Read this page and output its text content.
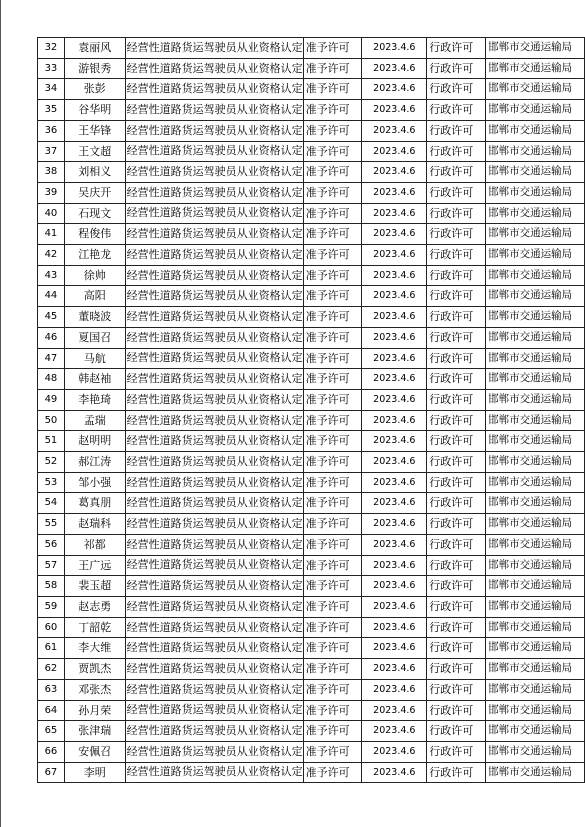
32	袁丽风	经营性道路货运驾驶员从业资格认定	准予许可	2023.4.6	行政许可	邯郸市交通运输局
33	游银秀	经营性道路货运驾驶员从业资格认定	准予许可	2023.4.6	行政许可	邯郸市交通运输局
34	张彭	经营性道路货运驾驶员从业资格认定	准予许可	2023.4.6	行政许可	邯郸市交通运输局
35	谷华明	经营性道路货运驾驶员从业资格认定	准予许可	2023.4.6	行政许可	邯郸市交通运输局
36	王华锋	经营性道路货运驾驶员从业资格认定	准予许可	2023.4.6	行政许可	邯郸市交通运输局
37	王文超	经营性道路货运驾驶员从业资格认定	准予许可	2023.4.6	行政许可	邯郸市交通运输局
38	刘相义	经营性道路货运驾驶员从业资格认定	准予许可	2023.4.6	行政许可	邯郸市交通运输局
39	吴庆开	经营性道路货运驾驶员从业资格认定	准予许可	2023.4.6	行政许可	邯郸市交通运输局
40	石现文	经营性道路货运驾驶员从业资格认定	准予许可	2023.4.6	行政许可	邯郸市交通运输局
41	程俊伟	经营性道路货运驾驶员从业资格认定	准予许可	2023.4.6	行政许可	邯郸市交通运输局
42	江艳龙	经营性道路货运驾驶员从业资格认定	准予许可	2023.4.6	行政许可	邯郸市交通运输局
43	徐帅	经营性道路货运驾驶员从业资格认定	准予许可	2023.4.6	行政许可	邯郸市交通运输局
44	高阳	经营性道路货运驾驶员从业资格认定	准予许可	2023.4.6	行政许可	邯郸市交通运输局
45	董晓波	经营性道路货运驾驶员从业资格认定	准予许可	2023.4.6	行政许可	邯郸市交通运输局
46	夏国召	经营性道路货运驾驶员从业资格认定	准予许可	2023.4.6	行政许可	邯郸市交通运输局
47	马航	经营性道路货运驾驶员从业资格认定	准予许可	2023.4.6	行政许可	邯郸市交通运输局
48	韩赵袖	经营性道路货运驾驶员从业资格认定	准予许可	2023.4.6	行政许可	邯郸市交通运输局
49	李艳琦	经营性道路货运驾驶员从业资格认定	准予许可	2023.4.6	行政许可	邯郸市交通运输局
50	孟瑞	经营性道路货运驾驶员从业资格认定	准予许可	2023.4.6	行政许可	邯郸市交通运输局
51	赵明明	经营性道路货运驾驶员从业资格认定	准予许可	2023.4.6	行政许可	邯郸市交通运输局
52	郝江涛	经营性道路货运驾驶员从业资格认定	准予许可	2023.4.6	行政许可	邯郸市交通运输局
53	邹小强	经营性道路货运驾驶员从业资格认定	准予许可	2023.4.6	行政许可	邯郸市交通运输局
54	葛真朋	经营性道路货运驾驶员从业资格认定	准予许可	2023.4.6	行政许可	邯郸市交通运输局
55	赵瑞科	经营性道路货运驾驶员从业资格认定	准予许可	2023.4.6	行政许可	邯郸市交通运输局
56	祁都	经营性道路货运驾驶员从业资格认定	准予许可	2023.4.6	行政许可	邯郸市交通运输局
57	王广远	经营性道路货运驾驶员从业资格认定	准予许可	2023.4.6	行政许可	邯郸市交通运输局
58	裴玉超	经营性道路货运驾驶员从业资格认定	准予许可	2023.4.6	行政许可	邯郸市交通运输局
59	赵志勇	经营性道路货运驾驶员从业资格认定	准予许可	2023.4.6	行政许可	邯郸市交通运输局
60	丁韶乾	经营性道路货运驾驶员从业资格认定	准予许可	2023.4.6	行政许可	邯郸市交通运输局
61	李大维	经营性道路货运驾驶员从业资格认定	准予许可	2023.4.6	行政许可	邯郸市交通运输局
62	贾凯杰	经营性道路货运驾驶员从业资格认定	准予许可	2023.4.6	行政许可	邯郸市交通运输局
63	邓张杰	经营性道路货运驾驶员从业资格认定	准予许可	2023.4.6	行政许可	邯郸市交通运输局
64	孙月荣	经营性道路货运驾驶员从业资格认定	准予许可	2023.4.6	行政许可	邯郸市交通运输局
65	张津瑞	经营性道路货运驾驶员从业资格认定	准予许可	2023.4.6	行政许可	邯郸市交通运输局
66	安佩召	经营性道路货运驾驶员从业资格认定	准予许可	2023.4.6	行政许可	邯郸市交通运输局
67	李明	经营性道路货运驾驶员从业资格认定	准予许可	2023.4.6	行政许可	邯郸市交通运输局
